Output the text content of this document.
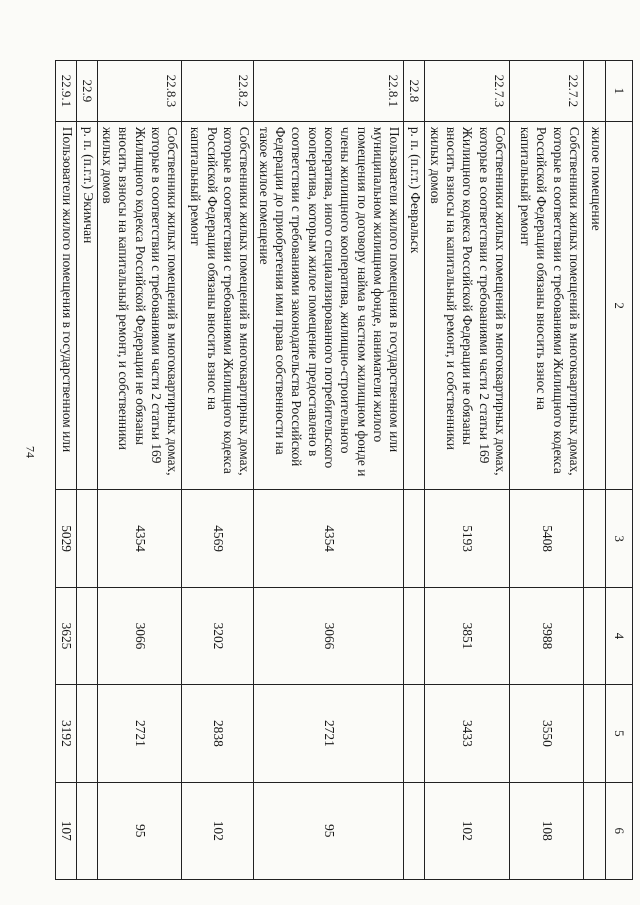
74
1	2	3	4	5	6
	жилое помещение				
22.7.2	Собственники жилых помещений в многоквартирных домах, которые в соответствии с требованиями Жилищного кодекса Российской Федерации обязаны вносить взнос на капитальный ремонт	5408	3988	3550	108
22.7.3	Собственники жилых помещений в многоквартирных домах, которые в соответствии с требованиями части 2 статьи 169 Жилищного кодекса Российской Федерации не обязаны вносить взносы на капитальный ремонт, и собственники жилых домов	5193	3851	3433	102
22.8	р. п. (п.г.т.) Февральск				
22.8.1	Пользователи жилого помещения в государственном или муниципальном жилищном фонде, наниматели жилого помещения по договору найма в частном жилищном фонде и члены жилищного кооператива, жилищно-строительного кооператива, иного специализированного потребительского кооператива, которым жилое помещение предоставлено в соответствии с требованиями законодательства Российской Федерации до приобретения ими права собственности на такое жилое помещение	4354	3066	2721	95
22.8.2	Собственники жилых помещений в многоквартирных домах, которые в соответствии с требованиями Жилищного кодекса Российской Федерации обязаны вносить взнос на капитальный ремонт	4569	3202	2838	102
22.8.3	Собственники жилых помещений в многоквартирных домах, которые в соответствии с требованиями части 2 статьи 169 Жилищного кодекса Российской Федерации не обязаны вносить взносы на капитальный ремонт, и собственники жилых домов	4354	3066	2721	95
22.9	р. п. (п.г.т.) Экимчан				
22.9.1	Пользователи жилого помещения в государственном или	5029	3625	3192	107
